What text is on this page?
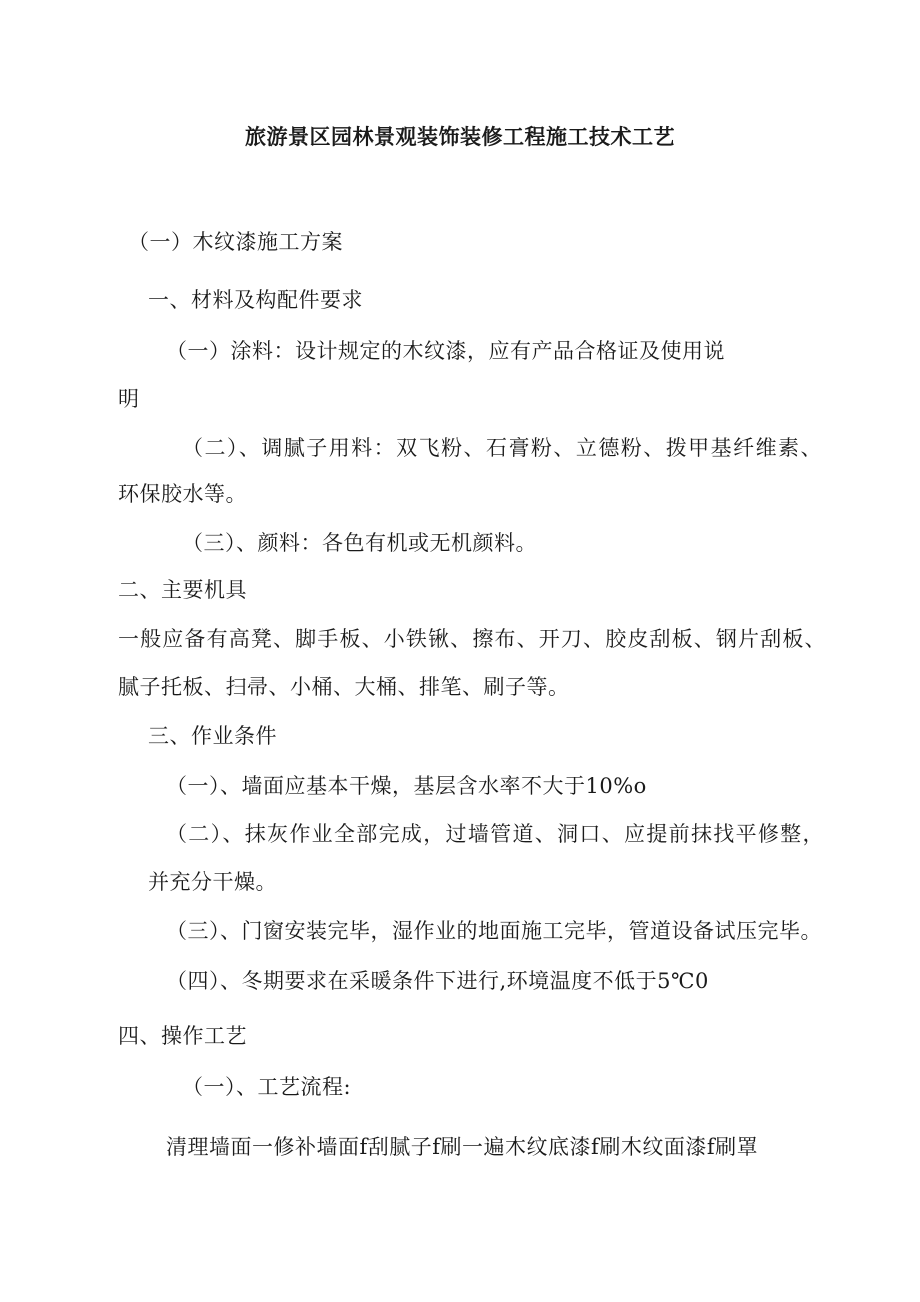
旅游景区园林景观装饰装修工程施工技术工艺
（一）木纹漆施工方案
一、材料及构配件要求
（一）涂料：设计规定的木纹漆，应有产品合格证及使用说
明
（二）、调腻子用料：双飞粉、石膏粉、立德粉、拨甲基纤维素、
环保胶水等。
（三）、颜料：各色有机或无机颜料。
二、主要机具
一般应备有高凳、脚手板、小铁锹、擦布、开刀、胶皮刮板、钢片刮板、
腻子托板、扫帚、小桶、大桶、排笔、刷子等。
三、作业条件
（一）、墙面应基本干燥，基层含水率不大于10%o
（二）、抹灰作业全部完成，过墙管道、洞口、应提前抹找平修整，
并充分干燥。
（三）、门窗安装完毕，湿作业的地面施工完毕，管道设备试压完毕。
（四）、冬期要求在采暖条件下进行,环境温度不低于5℃0
四、操作工艺
（一）、工艺流程:
清理墙面一修补墙面f刮腻子f刷一遍木纹底漆f刷木纹面漆f刷罩
